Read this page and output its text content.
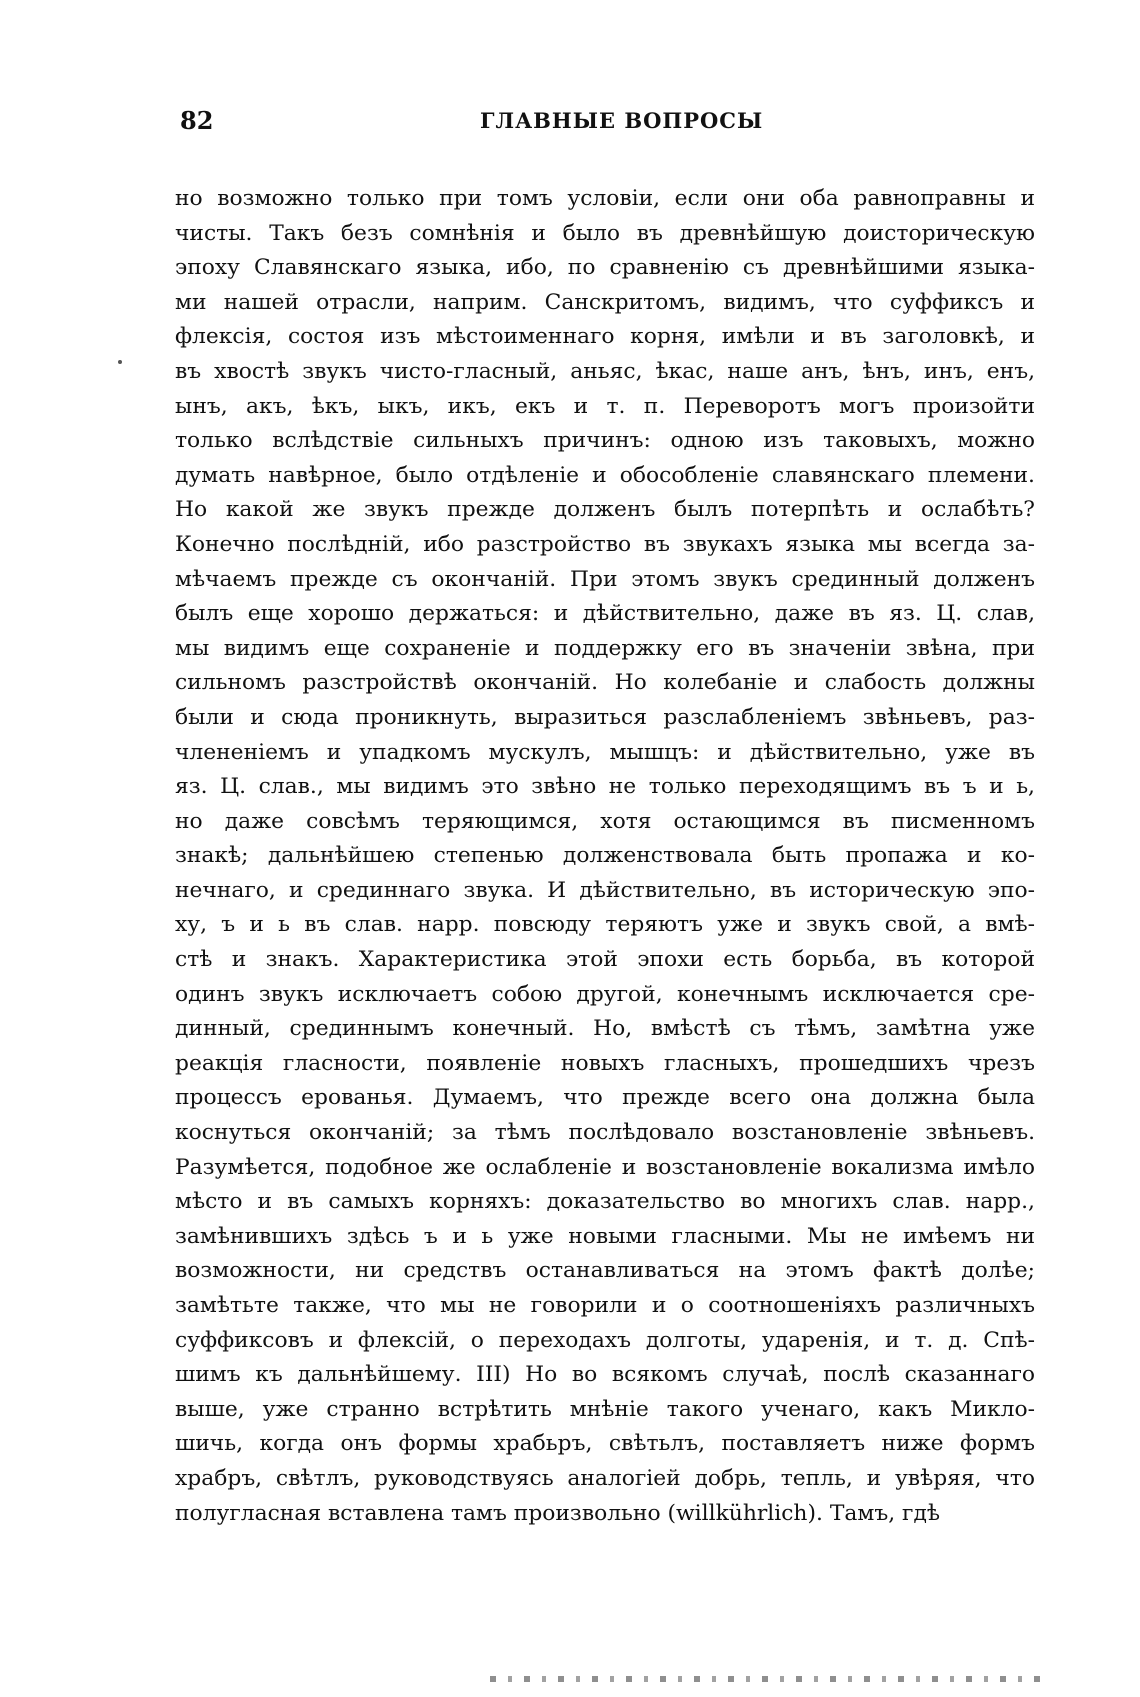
82	ГЛАВНЫЕ ВОПРОСЫ
но возможно только при томъ условіи, если они оба равноправны и
чисты. Такъ безъ сомнѣнія и было въ древнѣйшую доисторическую
эпоху Славянскаго языка, ибо, по сравненію съ древнѣйшими языка-
ми нашей отрасли, наприм. Санскритомъ, видимъ, что суффиксъ и
флексія, состоя изъ мѣстоименнаго корня, имѣли и въ заголовкѣ, и
въ хвостѣ звукъ чисто-гласный, аньяс, ѣкас, наше анъ, ѣнъ, инъ, енъ,
ынъ, акъ, ѣкъ, ыкъ, икъ, екъ и т. п. Переворотъ могъ произойти
только вслѣдствіе сильныхъ причинъ: одною изъ таковыхъ, можно
думать навѣрное, было отдѣленіе и обособленіе славянскаго племени.
Но какой же звукъ прежде долженъ былъ потерпѣть и ослабѣть?
Конечно послѣдній, ибо разстройство въ звукахъ языка мы всегда за-
мѣчаемъ прежде съ окончаній. При этомъ звукъ срединный долженъ
былъ еще хорошо держаться: и дѣйствительно, даже въ яз. Ц. слав,
мы видимъ еще сохраненіе и поддержку его въ значеніи звѣна, при
сильномъ разстройствѣ окончаній. Но колебаніе и слабость должны
были и сюда проникнуть, выразиться разслабленіемъ звѣньевъ, раз-
члененіемъ и упадкомъ мускулъ, мышцъ: и дѣйствительно, уже въ
яз. Ц. слав., мы видимъ это звѣно не только переходящимъ въ ъ и ь,
но даже совсѣмъ теряющимся, хотя остающимся въ писменномъ
знакѣ; дальнѣйшею степенью долженствовала быть пропажа и ко-
нечнаго, и срединнаго звука. И дѣйствительно, въ историческую эпо-
ху, ъ и ь въ слав. нарр. повсюду теряютъ уже и звукъ свой, а вмѣ-
стѣ и знакъ. Характеристика этой эпохи есть борьба, въ которой
одинъ звукъ исключаетъ собою другой, конечнымъ исключается сре-
динный, срединнымъ конечный. Но, вмѣстѣ съ тѣмъ, замѣтна уже
реакція гласности, появленіе новыхъ гласныхъ, прошедшихъ чрезъ
процессъ ерованья. Думаемъ, что прежде всего она должна была
коснуться окончаній; за тѣмъ послѣдовало возстановленіе звѣньевъ.
Разумѣется, подобное же ослабленіе и возстановленіе вокализма имѣло
мѣсто и въ самыхъ корняхъ: доказательство во многихъ слав. нарр.,
замѣнившихъ здѣсь ъ и ь уже новыми гласными. Мы не имѣемъ ни
возможности, ни средствъ останавливаться на этомъ фактѣ долѣе;
замѣтьте также, что мы не говорили и о соотношеніяхъ различныхъ
суффиксовъ и флексій, о переходахъ долготы, ударенія, и т. д. Спѣ-
шимъ къ дальнѣйшему. III) Но во всякомъ случаѣ, послѣ сказаннаго
выше, уже странно встрѣтить мнѣніе такого ученаго, какъ Микло-
шичь, когда онъ формы храбьръ, свѣтьлъ, поставляетъ ниже формъ
храбръ, свѣтлъ, руководствуясь аналогіей добрь, тепль, и увѣряя, что
полугласная вставлена тамъ произвольно (willkührlich). Тамъ, гдѣ
